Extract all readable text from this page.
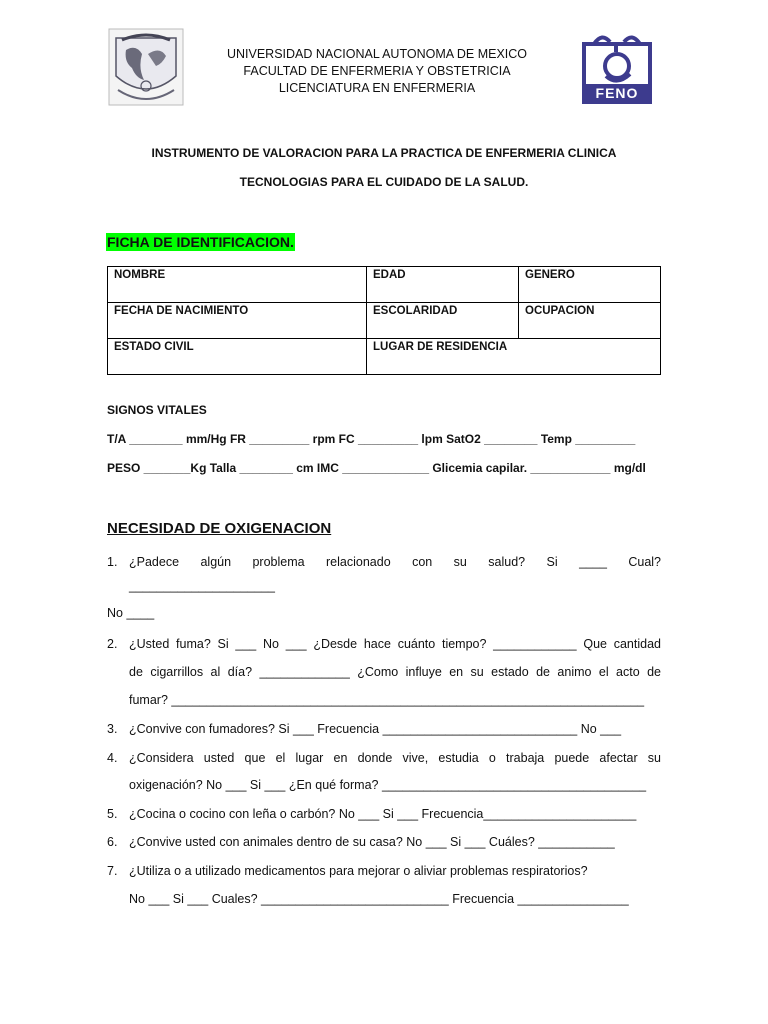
UNIVERSIDAD NACIONAL AUTONOMA DE MEXICO
FACULTAD DE ENFERMERIA Y OBSTETRICIA
LICENCIATURA EN ENFERMERIA	FENO
INSTRUMENTO DE VALORACION PARA LA PRACTICA DE ENFERMERIA CLINICA
TECNOLOGIAS PARA EL CUIDADO DE LA SALUD.
FICHA DE IDENTIFICACION.
NOMBRE	EDAD	GENERO
FECHA DE NACIMIENTO	ESCOLARIDAD	OCUPACION
ESTADO CIVIL	LUGAR DE RESIDENCIA	
SIGNOS VITALES
T/A ________ mm/Hg FR _________ rpm FC _________ lpm SatO2 ________ Temp _________
PESO _______Kg Talla ________ cm IMC _____________ Glicemia capilar. ____________ mg/dl
NECESIDAD DE OXIGENACION
1. ¿Padece algún problema relacionado con su salud? Si ____ Cual?
_____________________
No ____
2. ¿Usted fuma? Si ___ No ___ ¿Desde hace cuánto tiempo? ____________ Que cantidad
de cigarrillos al día? _____________ ¿Como influye en su estado de animo el acto de
fumar? ____________________________________________________________________
3. ¿Convive con fumadores? Si ___ Frecuencia ____________________________ No ___
4. ¿Considera usted que el lugar en donde vive, estudia o trabaja puede afectar su
oxigenación? No ___ Si ___ ¿En qué forma? ______________________________________
5. ¿Cocina o cocino con leña o carbón? No ___ Si ___ Frecuencia______________________
6. ¿Convive usted con animales dentro de su casa? No ___ Si ___ Cuáles? ___________
7. ¿Utiliza o a utilizado medicamentos para mejorar o aliviar problemas respiratorios?
No ___ Si ___ Cuales? ___________________________ Frecuencia ________________
